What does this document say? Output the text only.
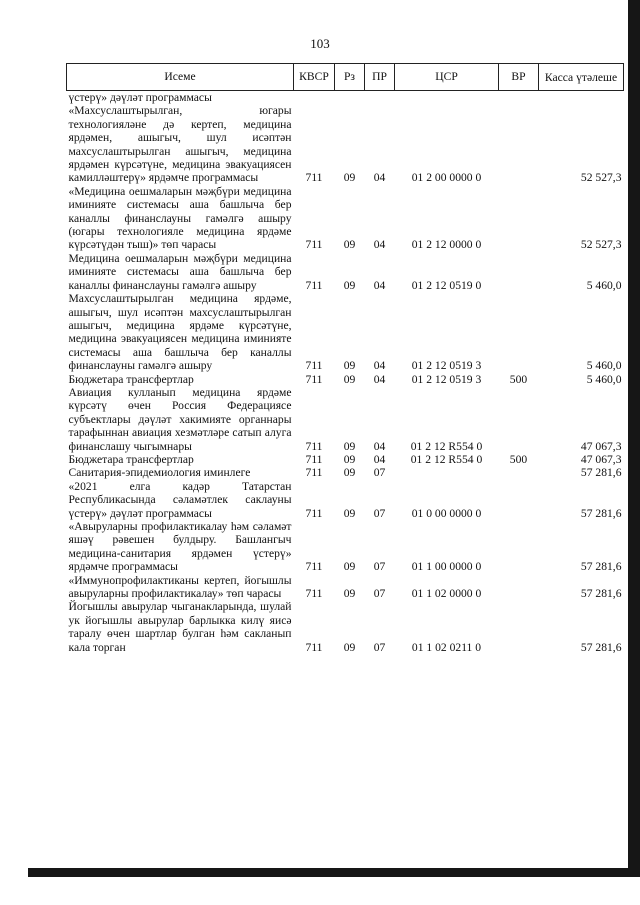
103
Исеме	КВСР	Рз	ПР	ЦСР	ВР	Касса үтәлеше
үстерү» дәүләт программасы						
«Махсуслаштырылган, югары технологияләне дә кертеп, медицина ярдәмен, ашыгыч, шул исәптән махсуслаштырылган ашыгыч, медицина ярдәмен күрсәтүне, медицина эвакуациясен камилләштерү» ярдәмче программасы	711	09	04	01 2 00 0000 0		52 527,3
«Медицина оешмаларын мәҗбүри медицина иминияте системасы аша башлыча бер каналлы финанслауны гамәлгә ашыру (югары технологияле медицина ярдәме күрсәтүдән тыш)» төп чарасы	711	09	04	01 2 12 0000 0		52 527,3
Медицина оешмаларын мәҗбүри медицина иминияте системасы аша башлыча бер каналлы финанслауны гамәлгә ашыру	711	09	04	01 2 12 0519 0		5 460,0
Махсуслаштырылган медицина ярдәме, ашыгыч, шул исәптән махсуслаштырылган ашыгыч, медицина ярдәме күрсәтүне, медицина эвакуациясен медицина иминияте системасы аша башлыча бер каналлы финанслауны гамәлгә ашыру	711	09	04	01 2 12 0519 3		5 460,0
Бюджетара трансфертлар	711	09	04	01 2 12 0519 3	500	5 460,0
Авиация кулланып медицина ярдәме күрсәтү өчен Россия Федерациясе субъектлары дәүләт хакимияте органнары тарафыннан авиация хезмәтләре сатып алуга финанслашу чыгымнары	711	09	04	01 2 12 R554 0		47 067,3
Бюджетара трансфертлар	711	09	04	01 2 12 R554 0	500	47 067,3
Санитария-эпидемиология иминлеге	711	09	07			57 281,6
«2021 елга кадәр Татарстан Республикасында сәламәтлек саклауны үстерү» дәүләт программасы	711	09	07	01 0 00 0000 0		57 281,6
«Авыруларны профилактикалау һәм сәламәт яшәү рәвешен булдыру. Башлангыч медицина-санитария ярдәмен үстерү» ярдәмче программасы	711	09	07	01 1 00 0000 0		57 281,6
«Иммунопрофилактиканы кертеп, йогышлы авыруларны профилактикалау» төп чарасы	711	09	07	01 1 02 0000 0		57 281,6
Йогышлы авырулар чыганакларында, шулай ук йогышлы авырулар барлыкка килү яисә таралу өчен шартлар булган һәм сакланып кала торган	711	09	07	01 1 02 0211 0		57 281,6
